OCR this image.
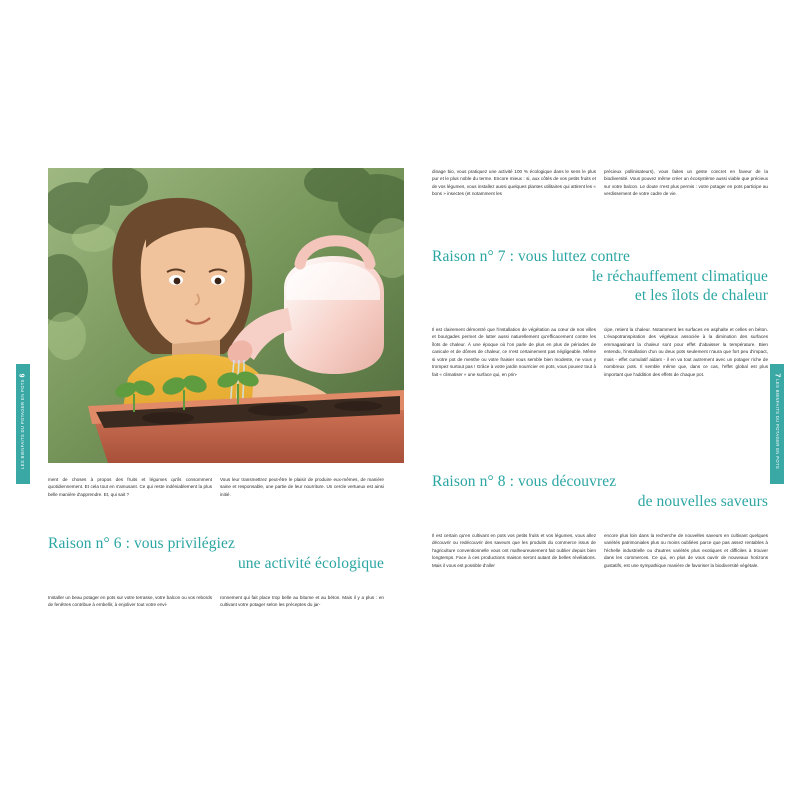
LES BIENFAITS DU POTAGER EN POTS
6
LES BIENFAITS DU POTAGER EN POTS
7

ment de choses à propos des fruits et légumes qu'ils consomment quotidiennement. Et cela tout en s'amusant. Ce qui reste indéniablement la plus belle manière d'apprendre. Et, qui sait ?

Vous leur transmettrez peut-être le plaisir de produire eux-mêmes, de manière saine et responsable, une partie de leur nourriture. Un cercle vertueux est ainsi initié.

Raison n° 6 : vous privilégiez
une activité écologique

Installer un beau potager en pots sur votre terrasse, votre balcon ou vos rebords de fenêtres contribue à embellir, à enjoliver tout votre envi-

ronnement qui fait place trop belle au bitume et au béton. Mais il y a plus : en cultivant votre potager selon les préceptes du jar-

dinage bio, vous pratiquez une activité 100 % écologique dans le sens le plus pur et le plus noble du terme. Encore mieux : si, aux côtés de vos petits fruits et de vos légumes, vous installez aussi quelques plantes utilitaires qui attirent les « bons » insectes (et notamment les

précieux pollinisateurs), vous faites un geste concret en faveur de la biodiversité. Vous pouvez même créer un écosystème aussi viable que précieux sur votre balcon. Le doute n'est plus permis : votre potager en pots participe au verdissement de votre cadre de vie.

Raison n° 7 : vous luttez contre
le réchauffement climatique
et les îlots de chaleur

Il est clairement démontré que l'installation de végétation au cœur de nos villes et bourgades permet de lutter aussi naturellement qu'efficacement contre les îlots de chaleur. À une époque où l'on parle de plus en plus de périodes de canicule et de dômes de chaleur, ce n'est certainement pas négligeable. Même si votre pot de menthe ou votre fraisier vous semble bien modeste, ne vous y trompez surtout pas ! Grâce à votre jardin nourricier en pots, vous pouvez tout à fait « climatiser » une surface qui, en prin-

cipe, retient la chaleur. Notamment les surfaces en asphalte et celles en béton. L'évapotranspiration des végétaux associée à la diminution des surfaces emmagasinant la chaleur sont pour effet d'abaisser la température. Bien entendu, l'installation d'un ou deux pots seulement n'aura que fort peu d'impact, mais - effet cumulatif aidant - il en va tout autrement avec un potager riche de nombreux pots. Il semble même que, dans ce cas, l'effet global est plus important que l'addition des effets de chaque pot.

Raison n° 8 : vous découvrez
de nouvelles saveurs

Il est certain qu'en cultivant en pots vos petits fruits et vos légumes, vous allez découvrir ou redécouvrir des saveurs que les produits du commerce issus de l'agriculture conventionnelle vous ont malheureusement fait oublier depuis bien longtemps. Face à ces productions maison seront autant de belles révélations. Mais il vous est possible d'aller

encore plus loin dans la recherche de nouvelles saveurs en cultivant quelques variétés patrimoniales plus ou moins oubliées parce que pas assez rentables à l'échelle industrielle ou d'autres variétés plus exotiques et difficiles à trouver dans les commerces. Ce qui, en plus de vous ouvrir de nouveaux horizons gustatifs, est une sympathique manière de favoriser la biodiversité végétale.
